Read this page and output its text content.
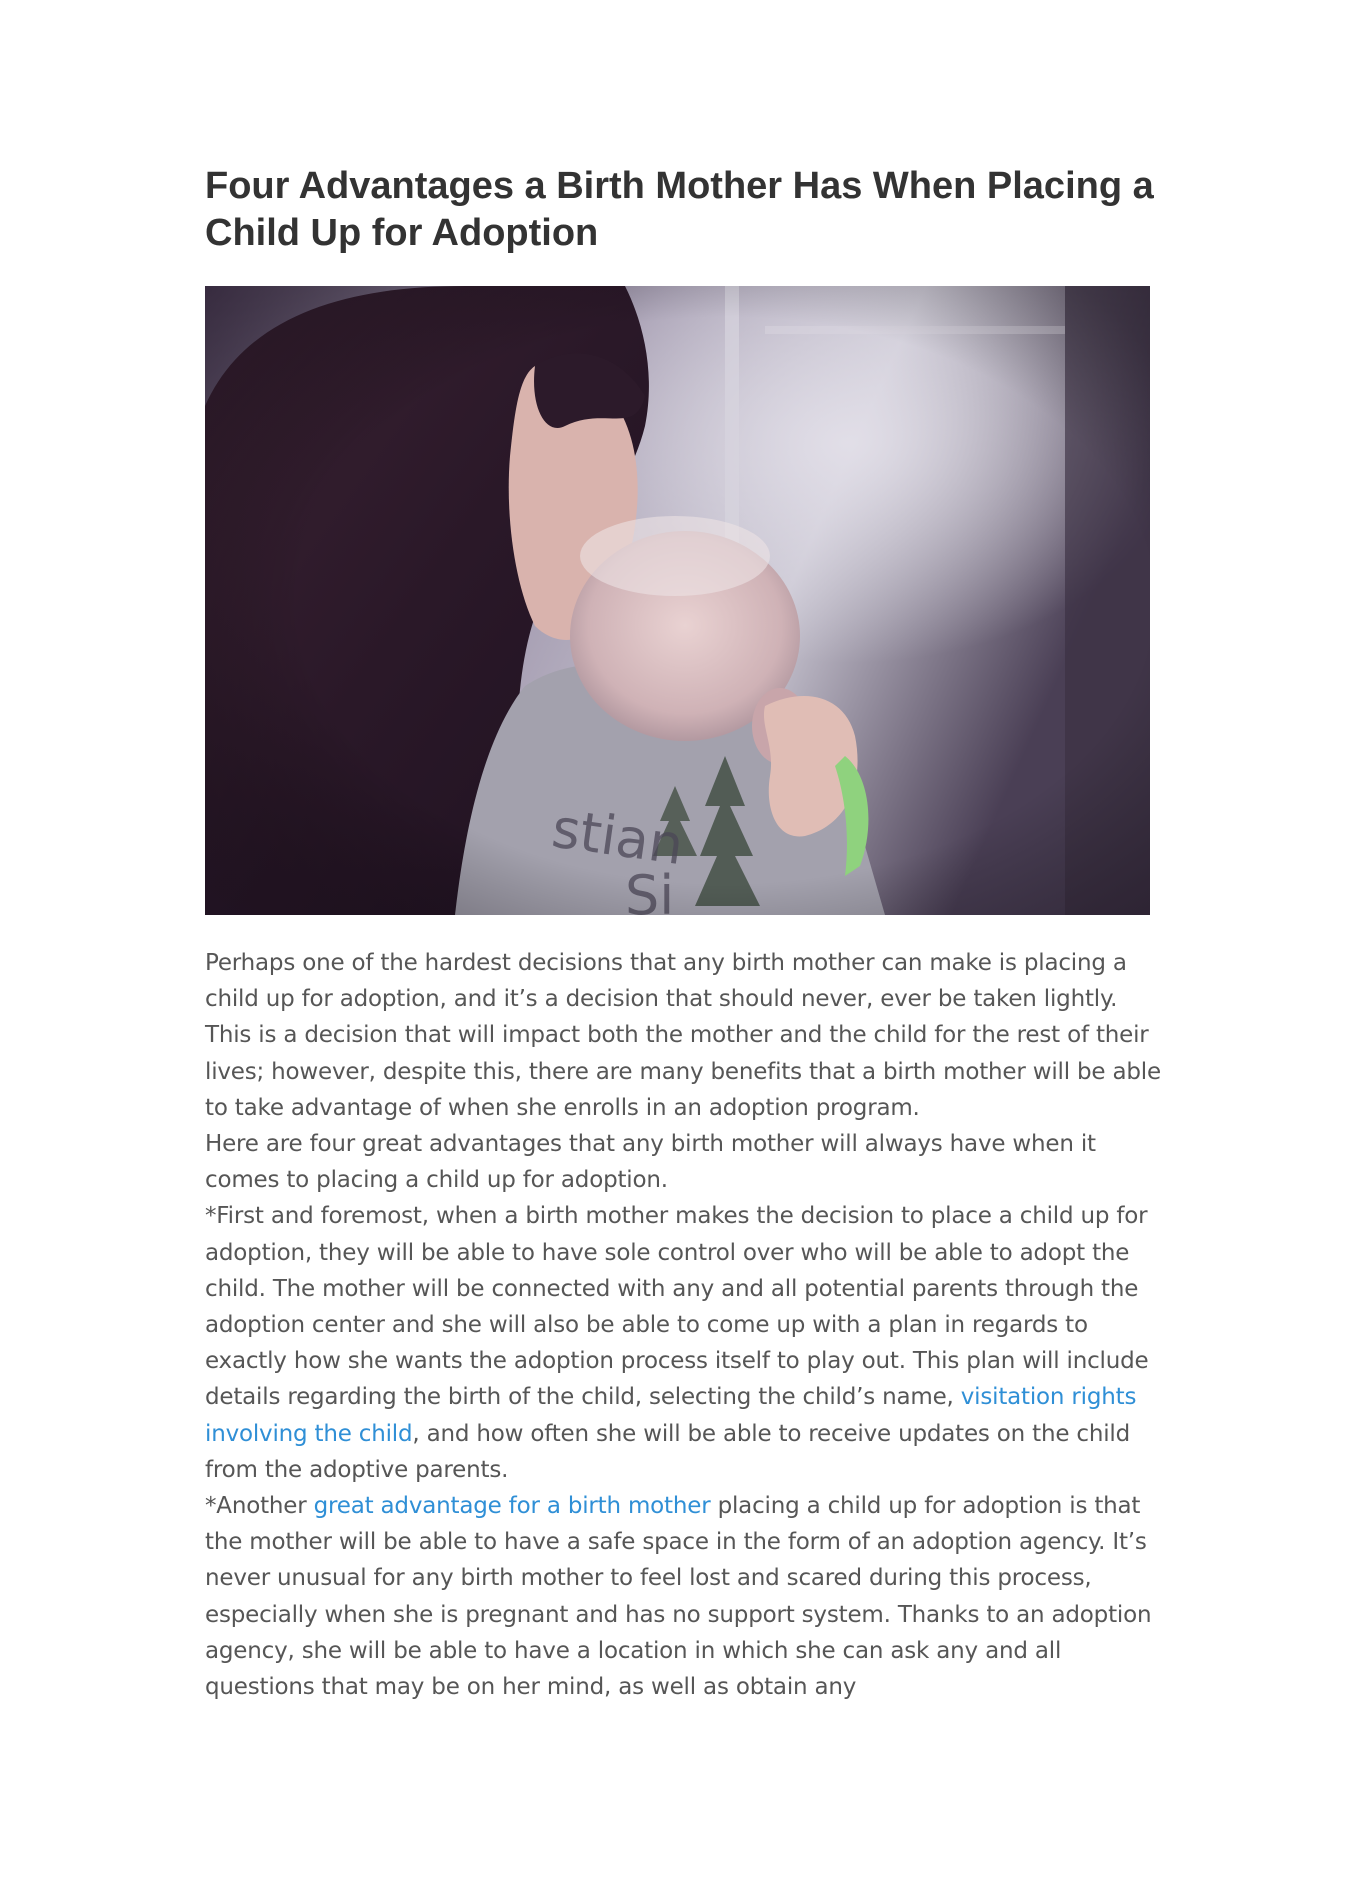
Four Advantages a Birth Mother Has When Placing a Child Up for Adoption

Perhaps one of the hardest decisions that any birth mother can make is placing a child up for adoption, and it’s a decision that should never, ever be taken lightly. This is a decision that will impact both the mother and the child for the rest of their lives; however, despite this, there are many benefits that a birth mother will be able to take advantage of when she enrolls in an adoption program.

Here are four great advantages that any birth mother will always have when it comes to placing a child up for adoption.

*First and foremost, when a birth mother makes the decision to place a child up for adoption, they will be able to have sole control over who will be able to adopt the child. The mother will be connected with any and all potential parents through the adoption center and she will also be able to come up with a plan in regards to exactly how she wants the adoption process itself to play out. This plan will include details regarding the birth of the child, selecting the child’s name, visitation rights involving the child, and how often she will be able to receive updates on the child from the adoptive parents.

*Another great advantage for a birth mother placing a child up for adoption is that the mother will be able to have a safe space in the form of an adoption agency. It’s never unusual for any birth mother to feel lost and scared during this process, especially when she is pregnant and has no support system. Thanks to an adoption agency, she will be able to have a location in which she can ask any and all questions that may be on her mind, as well as obtain any
